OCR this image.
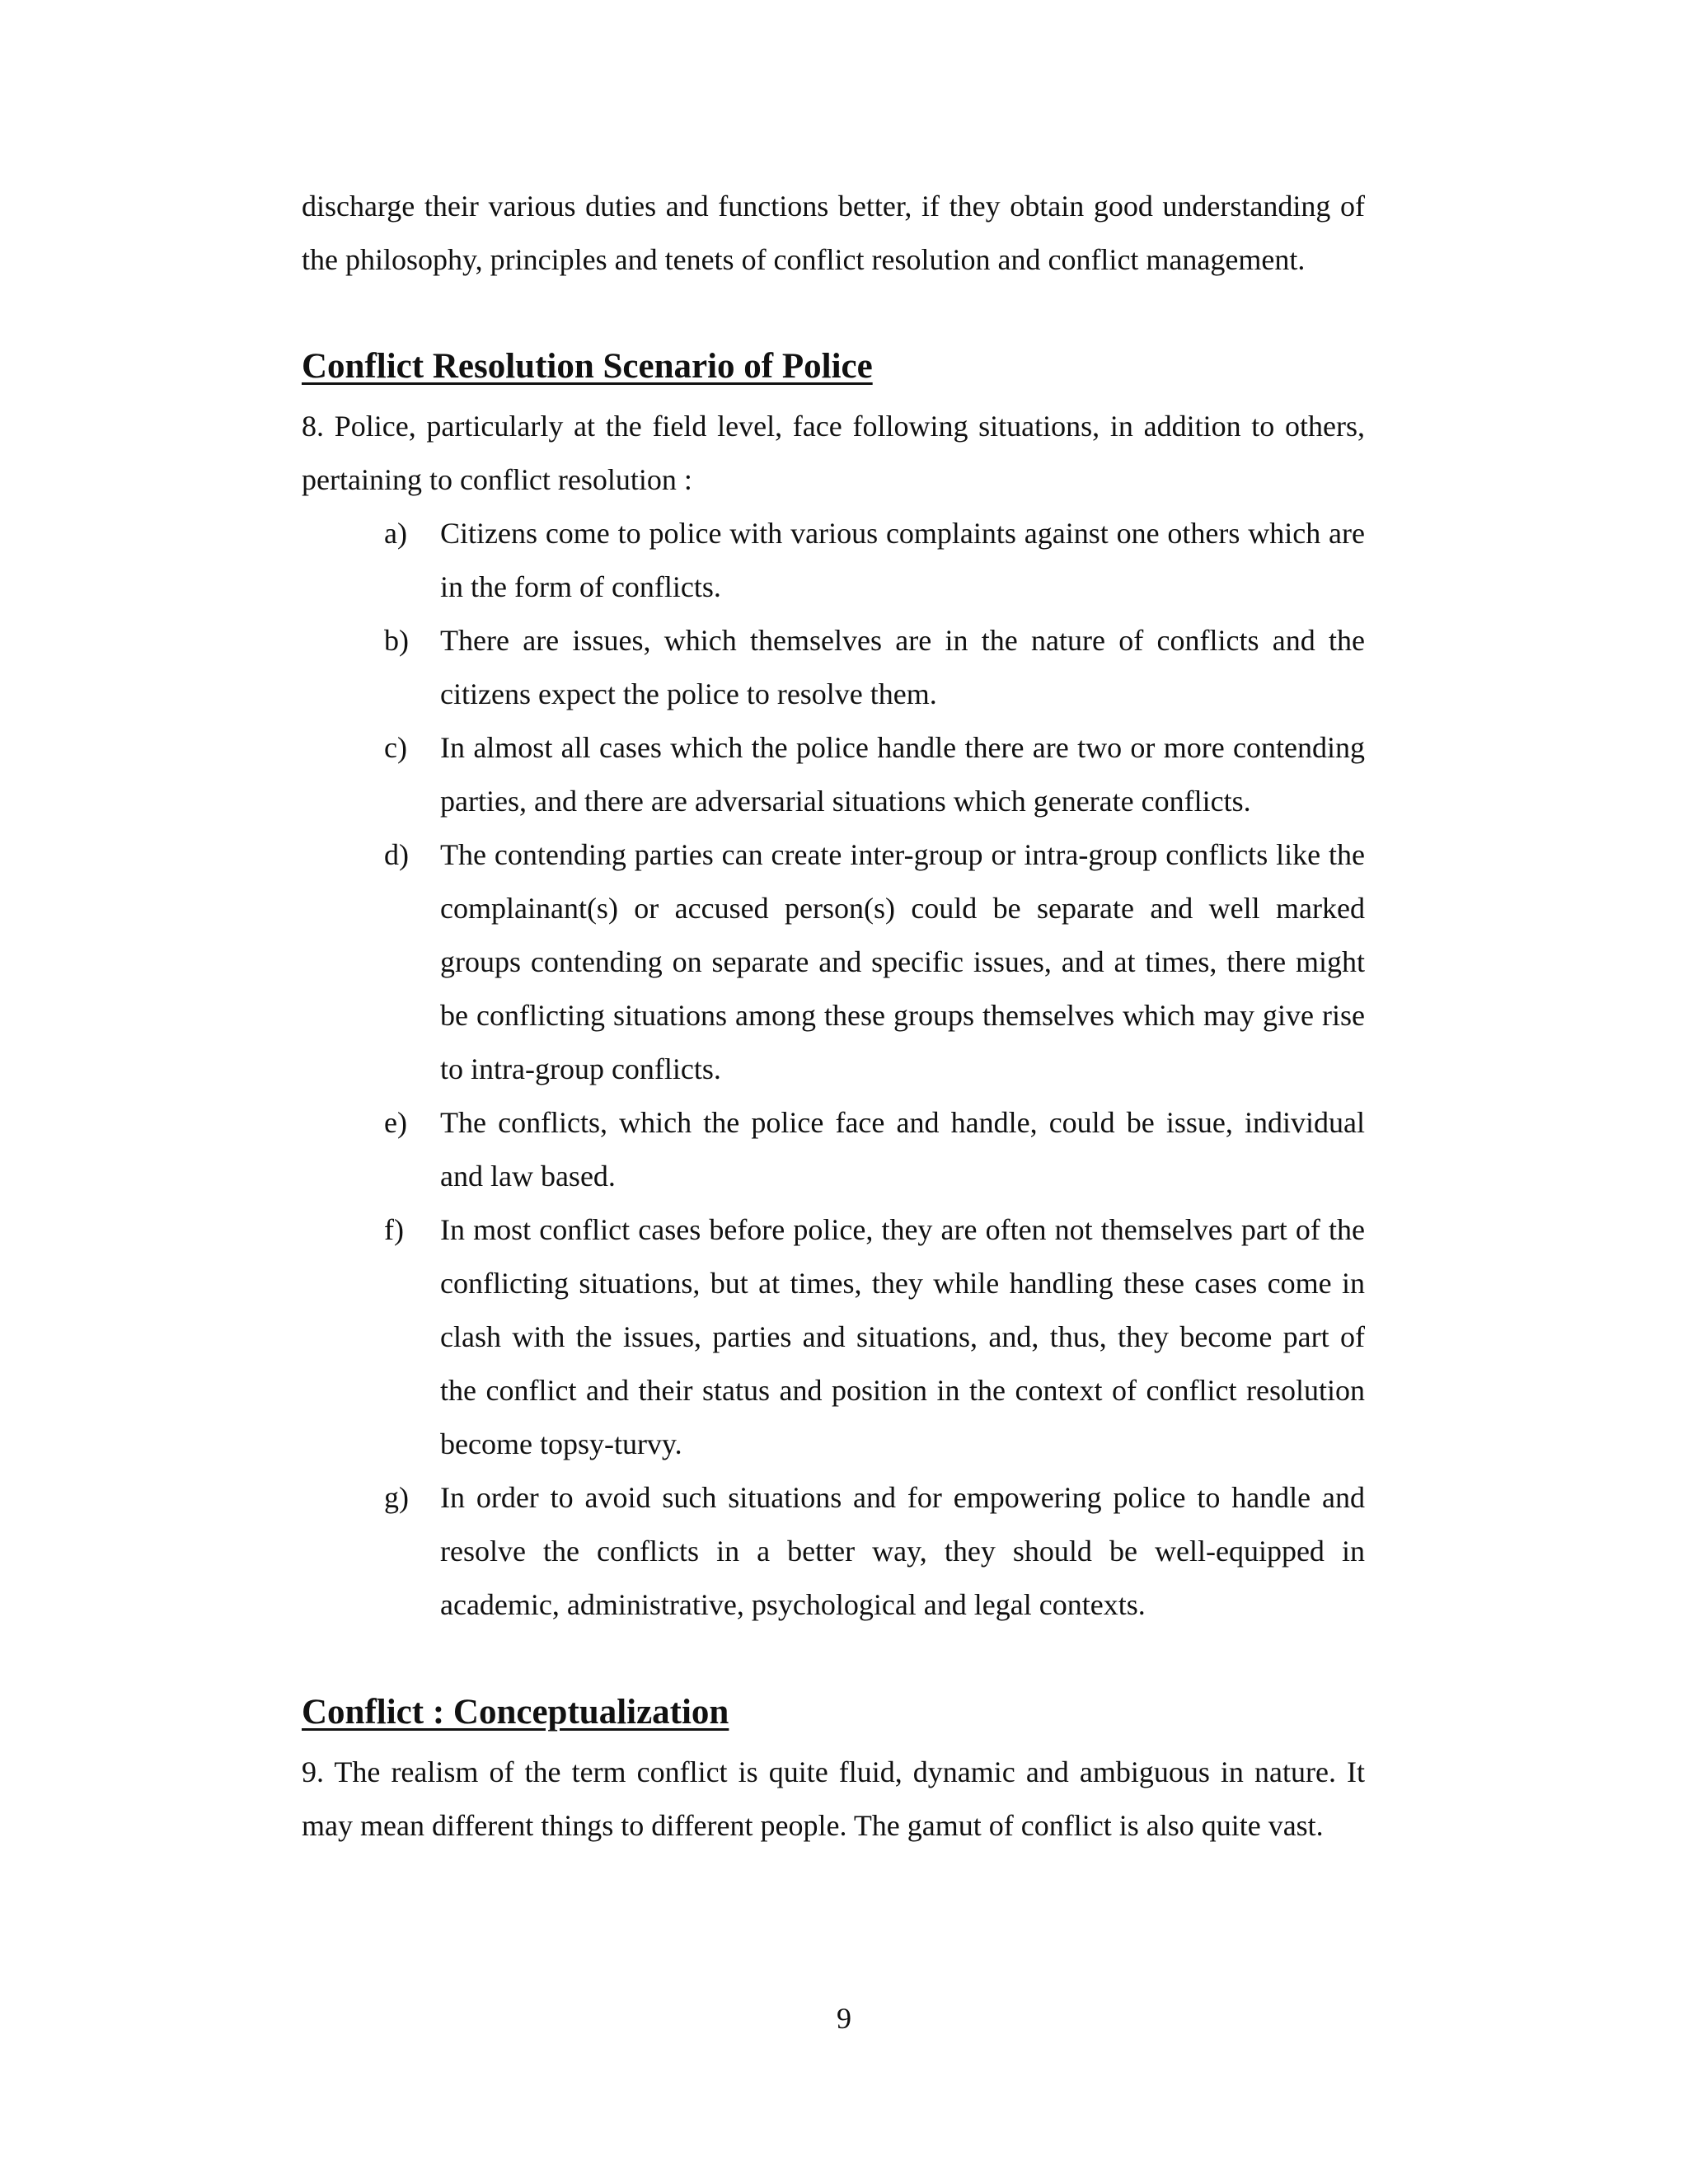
discharge their various duties and functions better, if they obtain good understanding of the philosophy, principles and tenets of conflict resolution and conflict management.

Conflict Resolution Scenario of Police

8. Police, particularly at the field level, face following situations, in addition to others, pertaining to conflict resolution :

a) Citizens come to police with various complaints against one others which are in the form of conflicts.
b) There are issues, which themselves are in the nature of conflicts and the citizens expect the police to resolve them.
c) In almost all cases which the police handle there are two or more contending parties, and there are adversarial situations which generate conflicts.
d) The contending parties can create inter-group or intra-group conflicts like the complainant(s) or accused person(s) could be separate and well marked groups contending on separate and specific issues, and at times, there might be conflicting situations among these groups themselves which may give rise to intra-group conflicts.
e) The conflicts, which the police face and handle, could be issue, individual and law based.
f) In most conflict cases before police, they are often not themselves part of the conflicting situations, but at times, they while handling these cases come in clash with the issues, parties and situations, and, thus, they become part of the conflict and their status and position in the context of conflict resolution become topsy-turvy.
g) In order to avoid such situations and for empowering police to handle and resolve the conflicts in a better way, they should be well-equipped in academic, administrative, psychological and legal contexts.
Conflict : Conceptualization

9. The realism of the term conflict is quite fluid, dynamic and ambiguous in nature. It may mean different things to different people. The gamut of conflict is also quite vast.

9
